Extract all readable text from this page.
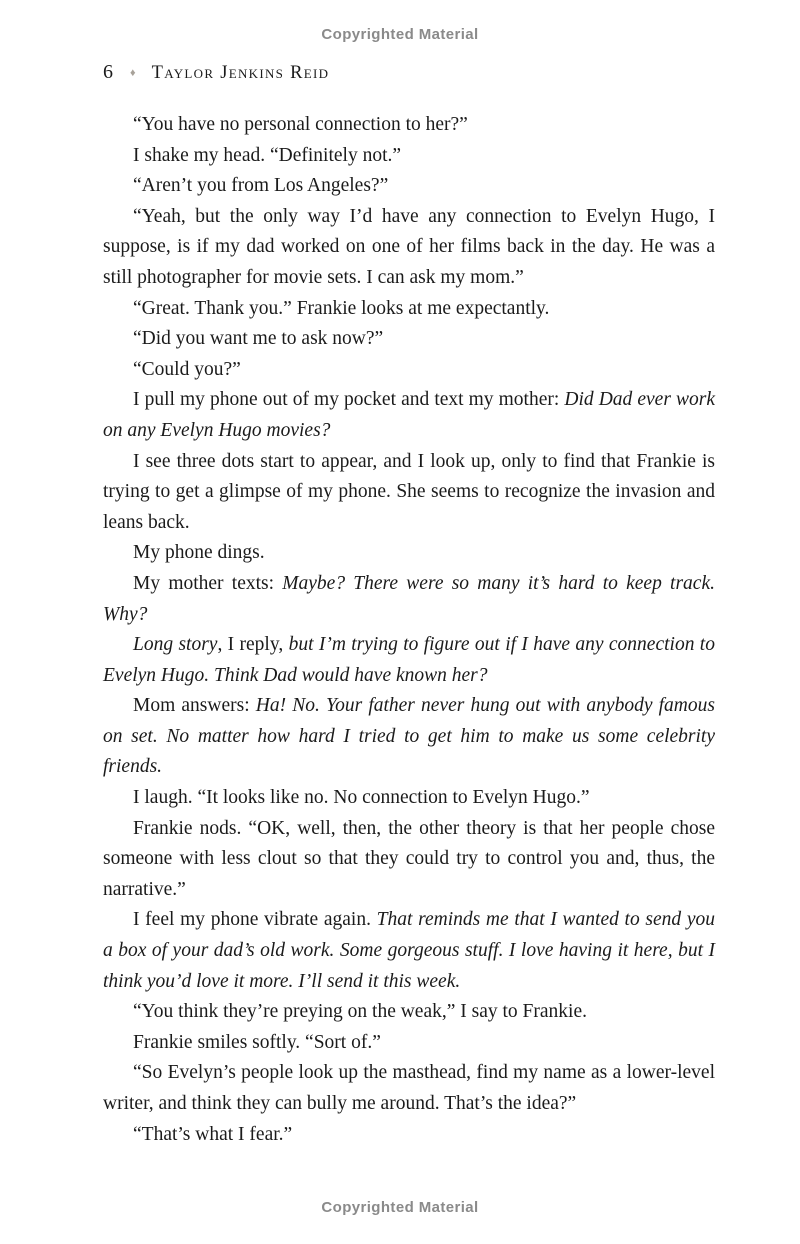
Copyrighted Material
6 ♦ Taylor Jenkins Reid

“You have no personal connection to her?”

I shake my head. “Definitely not.”

“Aren’t you from Los Angeles?”

“Yeah, but the only way I’d have any connection to Evelyn Hugo, I suppose, is if my dad worked on one of her films back in the day. He was a still photographer for movie sets. I can ask my mom.”

“Great. Thank you.” Frankie looks at me expectantly.

“Did you want me to ask now?”

“Could you?”

I pull my phone out of my pocket and text my mother: Did Dad ever work on any Evelyn Hugo movies?

I see three dots start to appear, and I look up, only to find that Frankie is trying to get a glimpse of my phone. She seems to recognize the invasion and leans back.

My phone dings.

My mother texts: Maybe? There were so many it’s hard to keep track. Why?

Long story, I reply, but I’m trying to figure out if I have any connection to Evelyn Hugo. Think Dad would have known her?

Mom answers: Ha! No. Your father never hung out with anybody famous on set. No matter how hard I tried to get him to make us some celebrity friends.

I laugh. “It looks like no. No connection to Evelyn Hugo.”

Frankie nods. “OK, well, then, the other theory is that her people chose someone with less clout so that they could try to control you and, thus, the narrative.”

I feel my phone vibrate again. That reminds me that I wanted to send you a box of your dad’s old work. Some gorgeous stuff. I love having it here, but I think you’d love it more. I’ll send it this week.

“You think they’re preying on the weak,” I say to Frankie.

Frankie smiles softly. “Sort of.”

“So Evelyn’s people look up the masthead, find my name as a lower-level writer, and think they can bully me around. That’s the idea?”

“That’s what I fear.”

Copyrighted Material
